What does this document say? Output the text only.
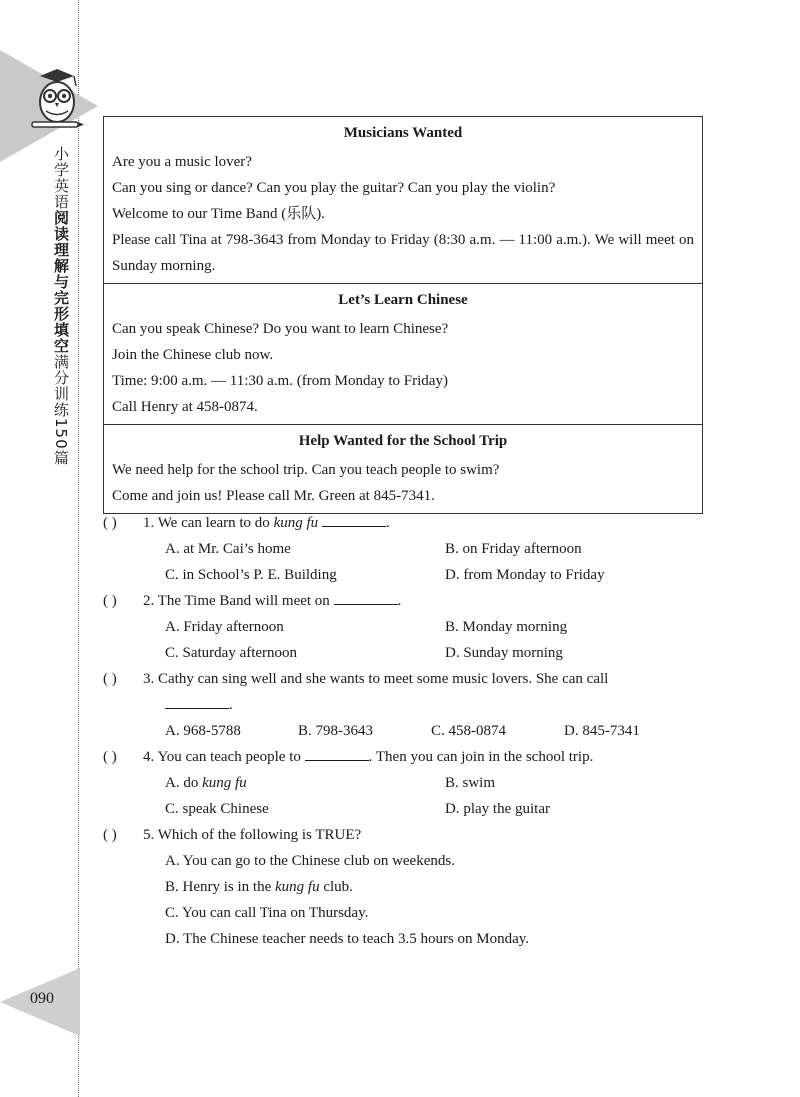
小学英语阅读理解与完形填空满分训练150篇
090

Musicians Wanted

Are you a music lover?

Can you sing or dance? Can you play the guitar? Can you play the violin?

Welcome to our Time Band (乐队).

Please call Tina at 798-3643 from Monday to Friday (8:30 a.m. — 11:00 a.m.). We will meet on Sunday morning.

Let’s Learn Chinese

Can you speak Chinese? Do you want to learn Chinese?

Join the Chinese club now.

Time: 9:00 a.m. — 11:30 a.m. (from Monday to Friday)

Call Henry at 458-0874.

Help Wanted for the School Trip

We need help for the school trip. Can you teach people to swim?

Come and join us! Please call Mr. Green at 845-7341.

( )	1. We can learn to do kung fu	.
A. at Mr. Cai’s home	B. on Friday afternoon
C. in School’s P. E. Building	D. from Monday to Friday
( )	2. The Time Band will meet on	.
A. Friday afternoon	B. Monday morning
C. Saturday afternoon	D. Sunday morning
( )	3. Cathy can sing well and she wants to meet some music lovers. She can call
.
A. 968-5788	B. 798-3643	C. 458-0874	D. 845-7341
( )	4. You can teach people to	. Then you can join in the school trip.
A. do kung fu	B. swim
C. speak Chinese	D. play the guitar
( )	5. Which of the following is TRUE?
A. You can go to the Chinese club on weekends.
B. Henry is in the kung fu club.
C. You can call Tina on Thursday.
D. The Chinese teacher needs to teach 3.5 hours on Monday.
